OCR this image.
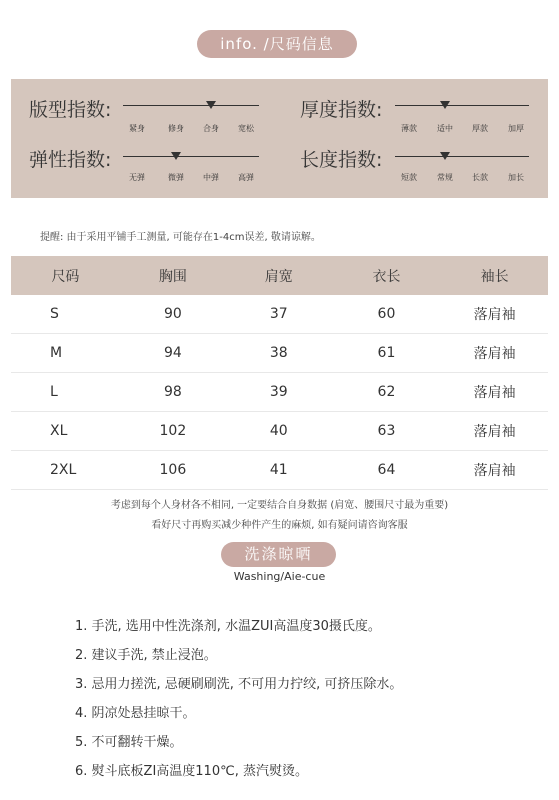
info. /尺码信息
版型指数:
紧身	修身	合身	宽松
厚度指数:
薄款	适中	厚款	加厚
弹性指数:
无弹	微弹	中弹	高弹
长度指数:
短款	常规	长款	加长
提醒: 由于采用平铺手工测量, 可能存在1-4cm误差, 敬请谅解。
尺码	胸围	肩宽	衣长	袖长
S	90	37	60	落肩袖
M	94	38	61	落肩袖
L	98	39	62	落肩袖
XL	102	40	63	落肩袖
2XL	106	41	64	落肩袖
考虑到每个人身材各不相同, 一定要结合自身数据 (肩宽、腰围尺寸最为重要)
看好尺寸再购买减少种件产生的麻烦, 如有疑问请咨询客服
洗涤晾晒
Washing/Aie-cue
1. 手洗, 选用中性洗涤剂, 水温ZUI高温度30摄氏度。
2. 建议手洗, 禁止浸泡。
3. 忌用力搓洗, 忌硬刷刷洗, 不可用力拧绞, 可挤压除水。
4. 阴凉处悬挂晾干。
5. 不可翻转干燥。
6. 熨斗底板ZI高温度110℃, 蒸汽熨烫。
